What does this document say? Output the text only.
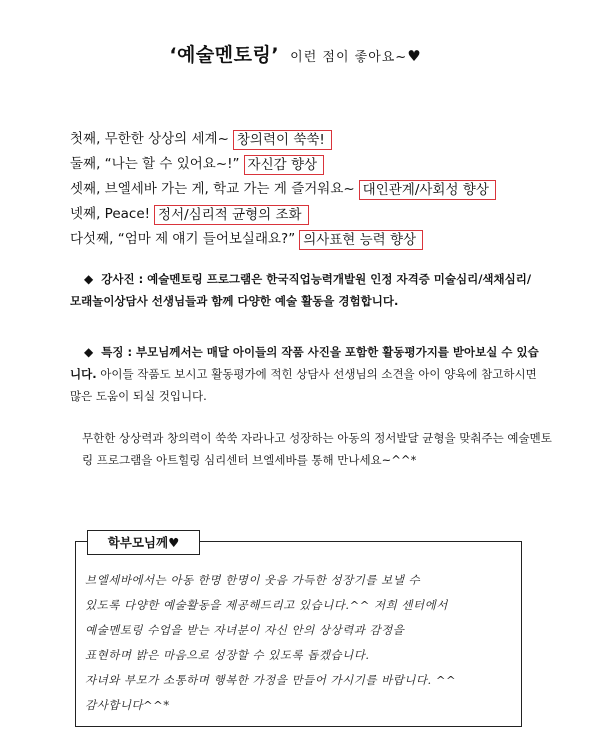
‘예술멘토링’ 이런 점이 좋아요~♥
첫째, 무한한 상상의 세계~ 창의력이 쑥쑥!
둘째, “나는 할 수 있어요~!” 자신감 향상
셋째, 브엘세바 가는 게, 학교 가는 게 즐거워요~ 대인관계/사회성 향상
넷째, Peace! 정서/심리적 균형의 조화
다섯째, “엄마 제 얘기 들어보실래요?” 의사표현 능력 향상
◆ 강사진 : 예술멘토링 프로그램은 한국직업능력개발원 인정 자격증 미술심리/색채심리/모래놀이상담사 선생님들과 함께 다양한 예술 활동을 경험합니다.
◆ 특징 : 부모님께서는 매달 아이들의 작품 사진을 포함한 활동평가지를 받아보실 수 있습니다. 아이들 작품도 보시고 활동평가에 적힌 상담사 선생님의 소견을 아이 양육에 참고하시면 많은 도움이 되실 것입니다.
무한한 상상력과 창의력이 쑥쑥 자라나고 성장하는 아동의 정서발달 균형을 맞춰주는 예술멘토링 프로그램을 아트힐링 심리센터 브엘세바를 통해 만나세요~^^*
학부모님께♥
브엘세바에서는 아동 한명 한명이 웃음 가득한 성장기를 보낼 수
있도록 다양한 예술활동을 제공해드리고 있습니다.^^ 저희 센터에서
예술멘토링 수업을 받는 자녀분이 자신 안의 상상력과 감정을
표현하며 밝은 마음으로 성장할 수 있도록 돕겠습니다.
자녀와 부모가 소통하며 행복한 가정을 만들어 가시기를 바랍니다. ^^
감사합니다^^*
